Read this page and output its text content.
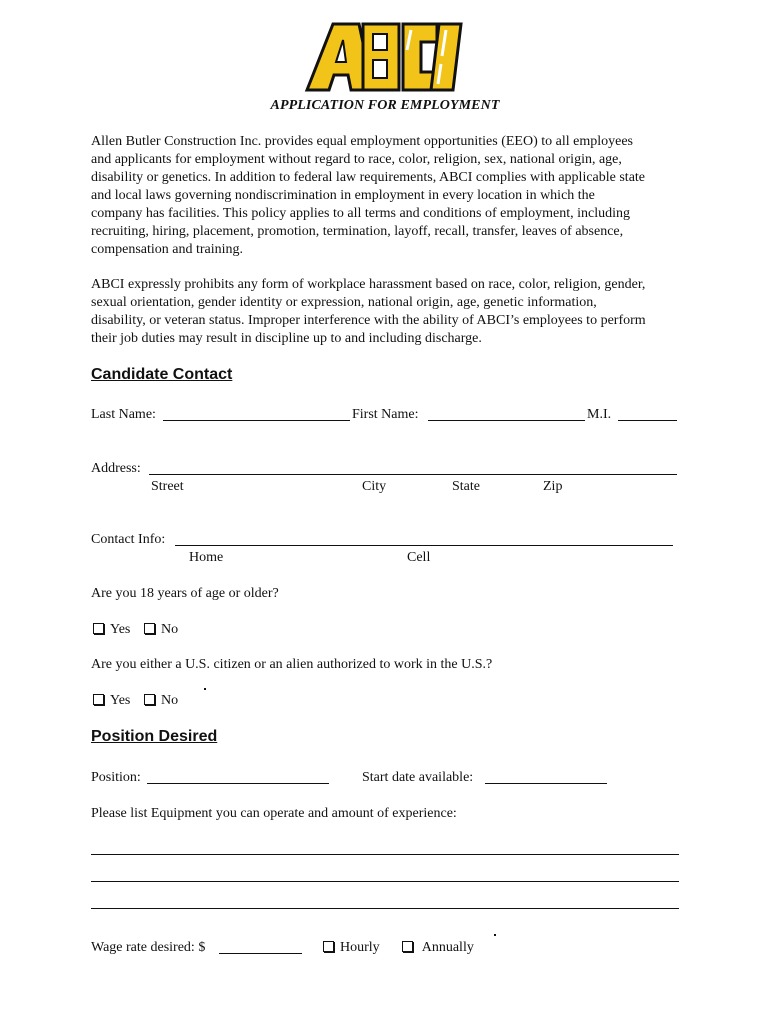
APPLICATION FOR EMPLOYMENT
Allen Butler Construction Inc. provides equal employment opportunities (EEO) to all employees
and applicants for employment without regard to race, color, religion, sex, national origin, age,
disability or genetics. In addition to federal law requirements, ABCI complies with applicable state
and local laws governing nondiscrimination in employment in every location in which the
company has facilities. This policy applies to all terms and conditions of employment, including
recruiting, hiring, placement, promotion, termination, layoff, recall, transfer, leaves of absence,
compensation and training.
ABCI expressly prohibits any form of workplace harassment based on race, color, religion, gender,
sexual orientation, gender identity or expression, national origin, age, genetic information,
disability, or veteran status. Improper interference with the ability of ABCI’s employees to perform
their job duties may result in discipline up to and including discharge.
Candidate Contact
Last Name:	First Name:	M.I.
Address:
Street	City	State	Zip
Contact Info:
Home	Cell
Are you 18 years of age or older?
Yes	No
Are you either a U.S. citizen or an alien authorized to work in the U.S.?
Yes	No
Position Desired
Position:	Start date available:
Please list Equipment you can operate and amount of experience:
Wage rate desired: $	Hourly	Annually
